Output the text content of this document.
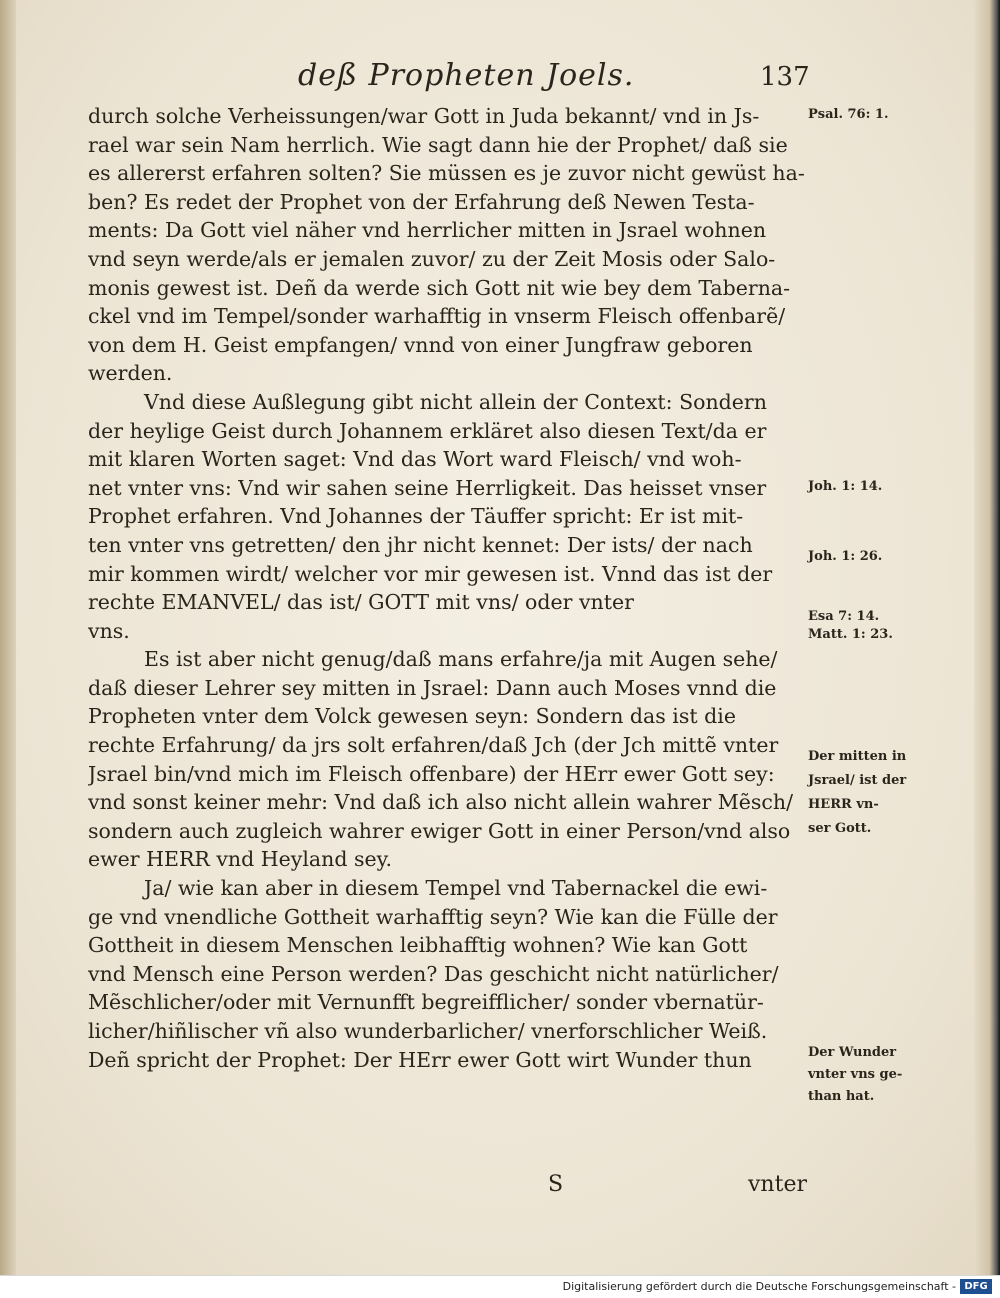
deß Propheten Joels.	137

durch solche Verheissungen/war Gott in Juda bekannt/ vnd in Js-
rael war sein Nam herrlich. Wie sagt dann hie der Prophet/ daß sie
es allererst erfahren solten? Sie müssen es je zuvor nicht gewüst ha-
ben? Es redet der Prophet von der Erfahrung deß Newen Testa-
ments: Da Gott viel näher vnd herrlicher mitten in Jsrael wohnen
vnd seyn werde/als er jemalen zuvor/ zu der Zeit Mosis oder Salo-
monis gewest ist. Deñ da werde sich Gott nit wie bey dem Taberna-
ckel vnd im Tempel/sonder warhafftig in vnserm Fleisch offenbarẽ/
von dem H. Geist empfangen/ vnnd von einer Jungfraw geboren
werden.

Vnd diese Außlegung gibt nicht allein der Context: Sondern
der heylige Geist durch Johannem erkläret also diesen Text/da er
mit klaren Worten saget: Vnd das Wort ward Fleisch/ vnd woh-
net vnter vns: Vnd wir sahen seine Herrligkeit. Das heisset vnser
Prophet erfahren. Vnd Johannes der Täuffer spricht: Er ist mit-
ten vnter vns getretten/ den jhr nicht kennet: Der ists/ der nach
mir kommen wirdt/ welcher vor mir gewesen ist. Vnnd das ist der
rechte EMANVEL/ das ist/ GOTT mit vns/ oder vnter
vns.

Es ist aber nicht genug/daß mans erfahre/ja mit Augen sehe/
daß dieser Lehrer sey mitten in Jsrael: Dann auch Moses vnnd die
Propheten vnter dem Volck gewesen seyn: Sondern das ist die
rechte Erfahrung/ da jrs solt erfahren/daß Jch (der Jch mittẽ vnter
Jsrael bin/vnd mich im Fleisch offenbare) der HErr ewer Gott sey:
vnd sonst keiner mehr: Vnd daß ich also nicht allein wahrer Mẽsch/
sondern auch zugleich wahrer ewiger Gott in einer Person/vnd also
ewer HERR vnd Heyland sey.

Ja/ wie kan aber in diesem Tempel vnd Tabernackel die ewi-
ge vnd vnendliche Gottheit warhafftig seyn? Wie kan die Fülle der
Gottheit in diesem Menschen leibhafftig wohnen? Wie kan Gott
vnd Mensch eine Person werden? Das geschicht nicht natürlicher/
Mẽschlicher/oder mit Vernunfft begreifflicher/ sonder vbernatür-
licher/hiñlischer vñ also wunderbarlicher/ vnerforschlicher Weiß.
Deñ spricht der Prophet: Der HErr ewer Gott wirt Wunder thun

Psal. 76: 1.
Joh. 1: 14.
Joh. 1: 26.
Esa 7: 14.
Matt. 1: 23.
Der mitten in
Jsrael/ ist der
HERR vn-
ser Gott.
Der Wunder
vnter vns ge-
than hat.
S	vnter
Digitalisierung gefördert durch die Deutsche Forschungsgemeinschaft - DFG
